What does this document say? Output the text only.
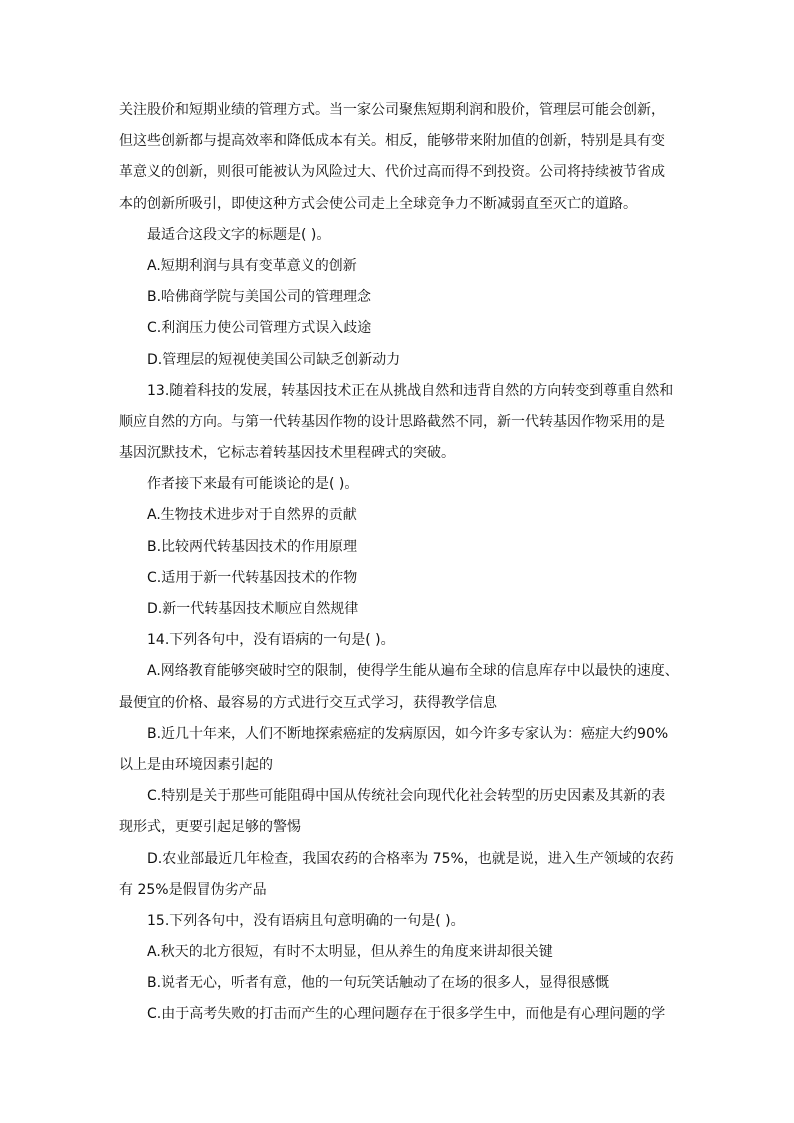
关注股价和短期业绩的管理方式。当一家公司聚焦短期利润和股价，管理层可能会创新，
但这些创新都与提高效率和降低成本有关。相反，能够带来附加值的创新，特别是具有变
革意义的创新，则很可能被认为风险过大、代价过高而得不到投资。公司将持续被节省成
本的创新所吸引，即使这种方式会使公司走上全球竞争力不断减弱直至灭亡的道路。
最适合这段文字的标题是( )。
A.短期利润与具有变革意义的创新
B.哈佛商学院与美国公司的管理理念
C.利润压力使公司管理方式误入歧途
D.管理层的短视使美国公司缺乏创新动力
13.随着科技的发展，转基因技术正在从挑战自然和违背自然的方向转变到尊重自然和
顺应自然的方向。与第一代转基因作物的设计思路截然不同，新一代转基因作物采用的是
基因沉默技术，它标志着转基因技术里程碑式的突破。
作者接下来最有可能谈论的是( )。
A.生物技术进步对于自然界的贡献
B.比较两代转基因技术的作用原理
C.适用于新一代转基因技术的作物
D.新一代转基因技术顺应自然规律
14.下列各句中，没有语病的一句是( )。
A.网络教育能够突破时空的限制，使得学生能从遍布全球的信息库存中以最快的速度、
最便宜的价格、最容易的方式进行交互式学习，获得教学信息
B.近几十年来，人们不断地探索癌症的发病原因，如今许多专家认为：癌症大约90%
以上是由环境因素引起的
C.特别是关于那些可能阻碍中国从传统社会向现代化社会转型的历史因素及其新的表
现形式，更要引起足够的警惕
D.农业部最近几年检查，我国农药的合格率为 75%，也就是说，进入生产领域的农药
有 25%是假冒伪劣产品
15.下列各句中，没有语病且句意明确的一句是( )。
A.秋天的北方很短，有时不太明显，但从养生的角度来讲却很关键
B.说者无心，听者有意，他的一句玩笑话触动了在场的很多人，显得很感慨
C.由于高考失败的打击而产生的心理问题存在于很多学生中，而他是有心理问题的学
